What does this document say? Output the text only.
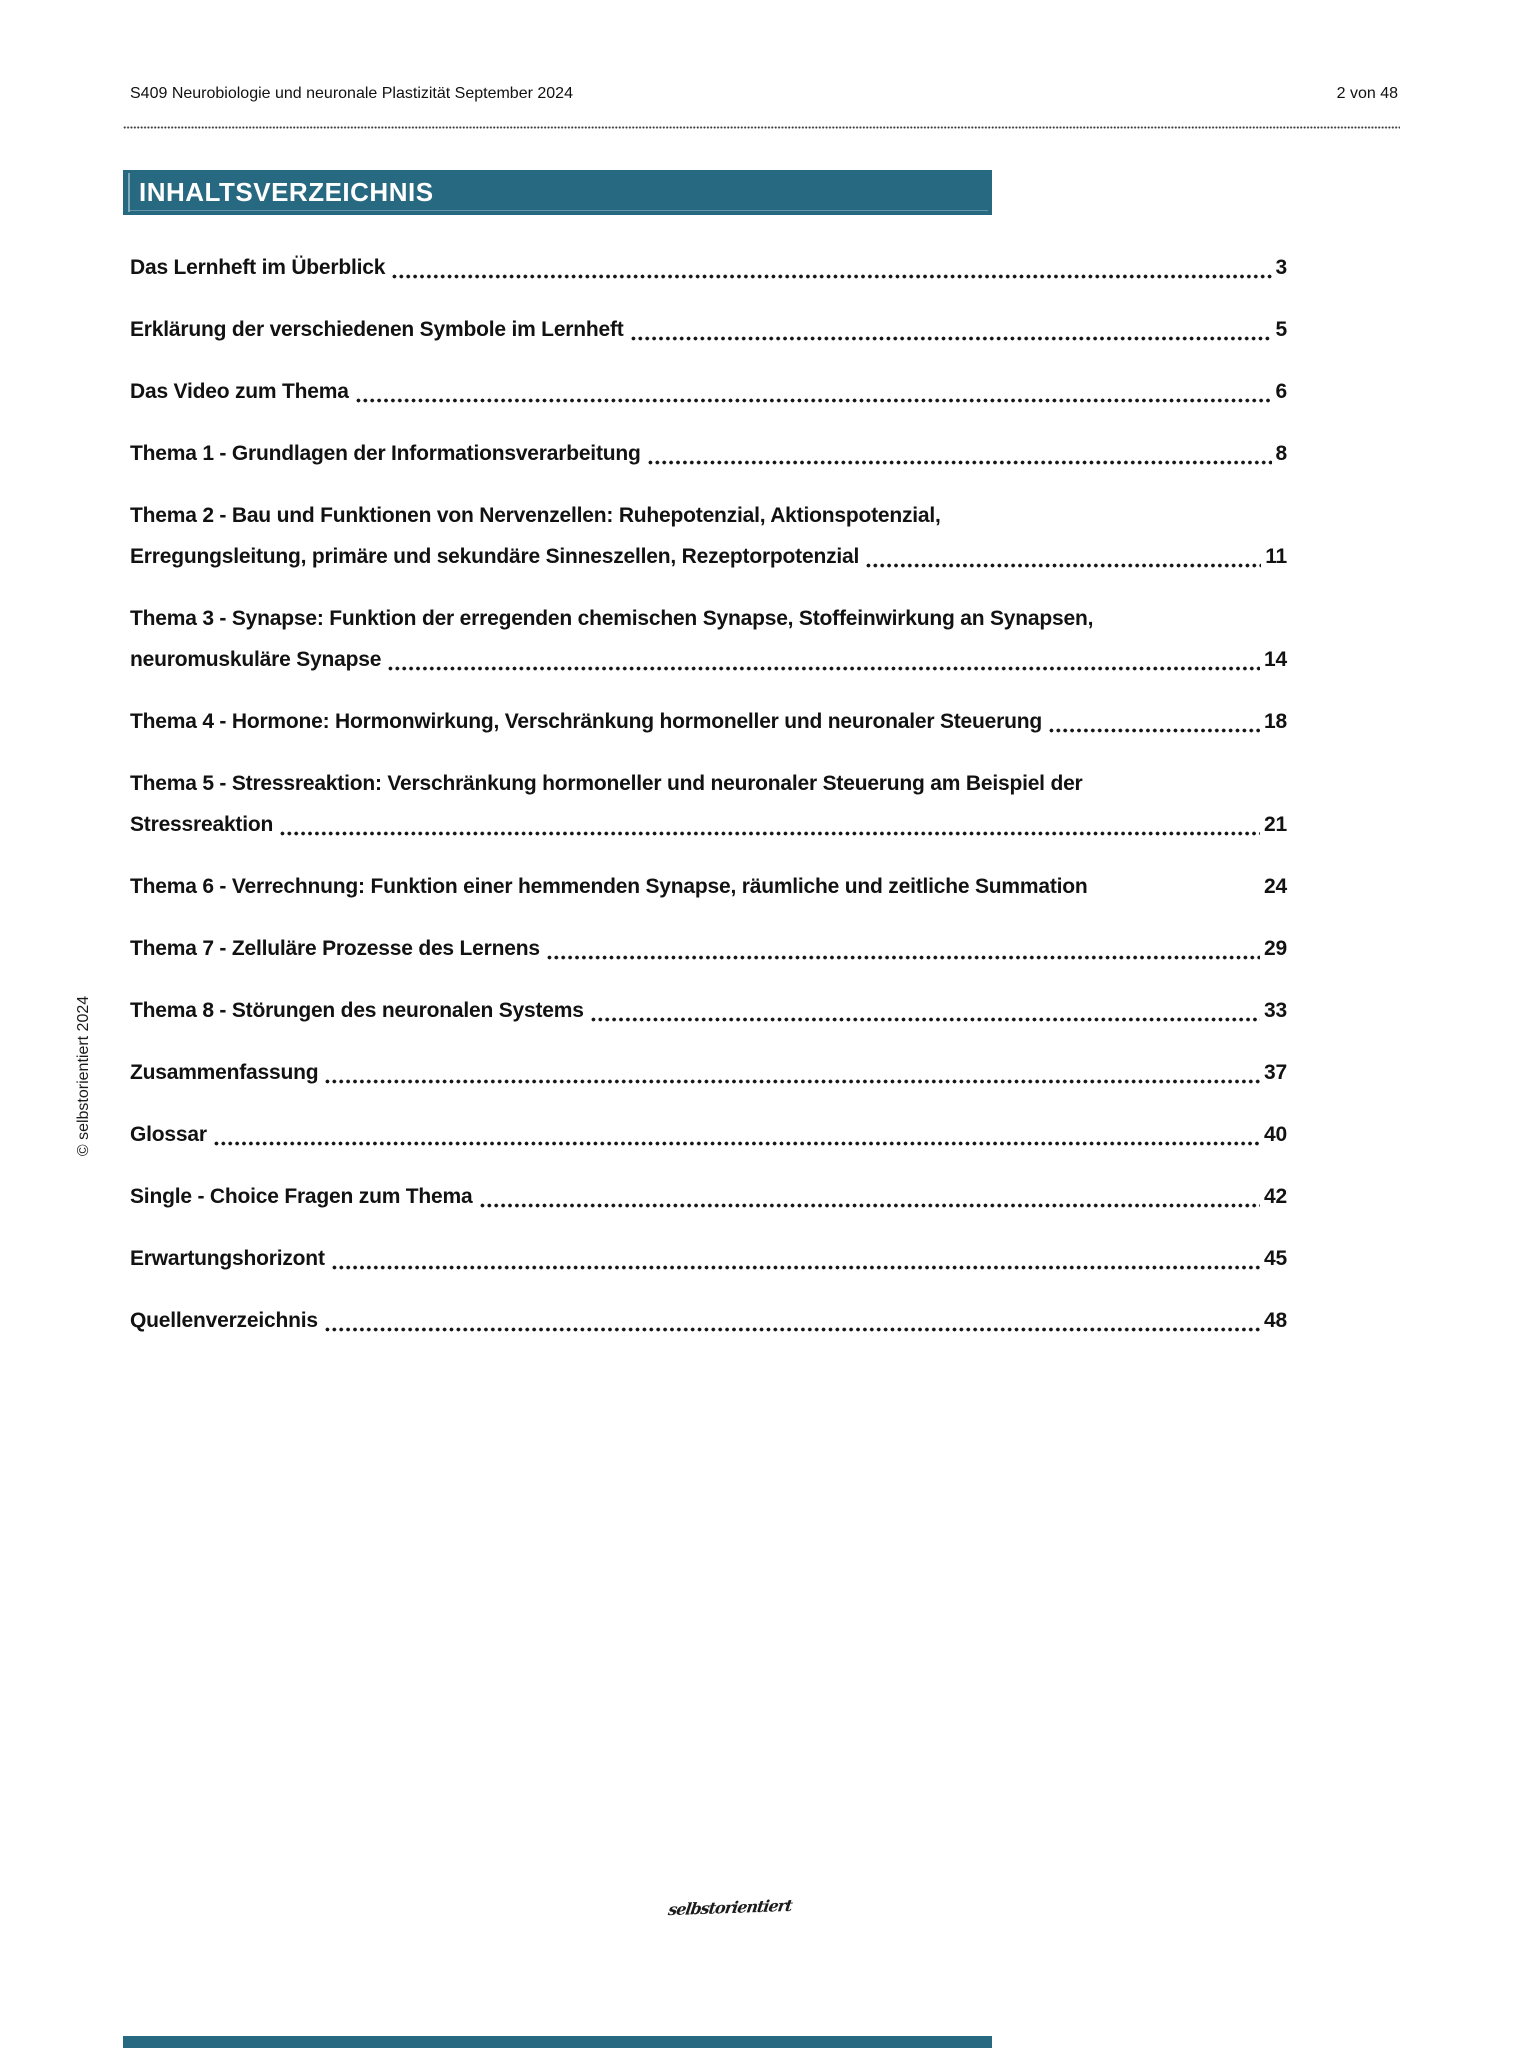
S409 Neurobiologie und neuronale Plastizität September 2024	2 von 48
INHALTSVERZEICHNIS
Das Lernheft im Überblick	3
Erklärung der verschiedenen Symbole im Lernheft	5
Das Video zum Thema	6
Thema 1 - Grundlagen der Informationsverarbeitung	8
Thema 2 - Bau und Funktionen von Nervenzellen: Ruhepotenzial, Aktionspotenzial,
Erregungsleitung, primäre und sekundäre Sinneszellen, Rezeptorpotenzial	11
Thema 3 - Synapse: Funktion der erregenden chemischen Synapse, Stoffeinwirkung an Synapsen,
neuromuskuläre Synapse	14
Thema 4 - Hormone: Hormonwirkung, Verschränkung hormoneller und neuronaler Steuerung	18
Thema 5 - Stressreaktion: Verschränkung hormoneller und neuronaler Steuerung am Beispiel der
Stressreaktion	21
Thema 6 - Verrechnung: Funktion einer hemmenden Synapse, räumliche und zeitliche Summation	24
Thema 7 - Zelluläre Prozesse des Lernens	29
Thema 8 - Störungen des neuronalen Systems	33
Zusammenfassung	37
Glossar	40
Single - Choice Fragen zum Thema	42
Erwartungshorizont	45
Quellenverzeichnis	48
© selbstorientiert 2024
selbstorientiert
